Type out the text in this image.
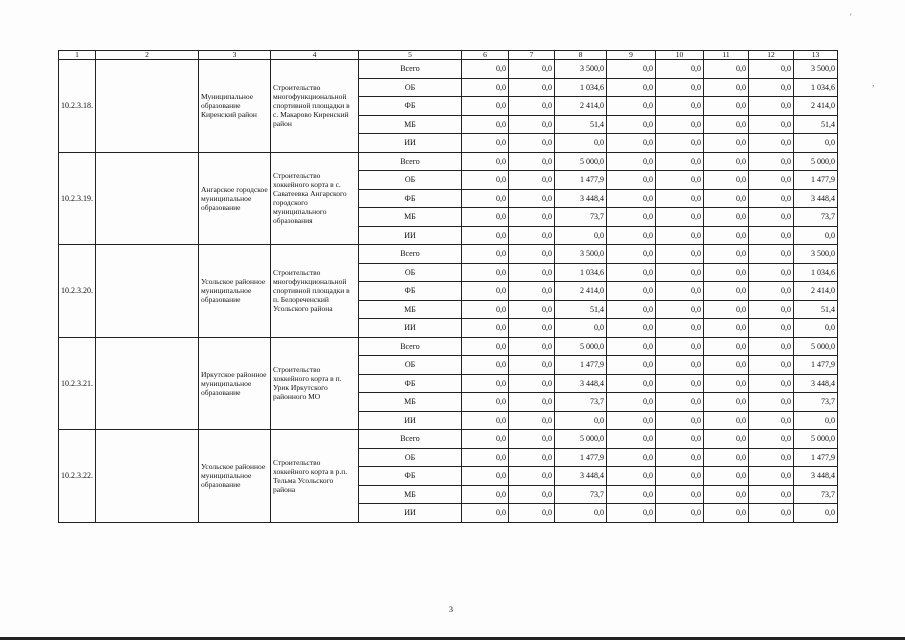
1	2	3	4	5	6	7	8	9	10	11	12	13
10.2.3.18.		Муниципальное образование Киренский район	Строительство многофункциональной спортивной площадки в с. Макарово Киренский район	Всего	0,0	0,0	3 500,0	0,0	0,0	0,0	0,0	3 500,0
				ОБ	0,0	0,0	1 034,6	0,0	0,0	0,0	0,0	1 034,6
				ФБ	0,0	0,0	2 414,0	0,0	0,0	0,0	0,0	2 414,0
				МБ	0,0	0,0	51,4	0,0	0,0	0,0	0,0	51,4
				ИИ	0,0	0,0	0,0	0,0	0,0	0,0	0,0	0,0
10.2.3.19.		Ангарское городское муниципальное образование	Строительство хоккейного корта в с. Саватеевка Ангарского городского муниципального образования	Всего	0,0	0,0	5 000,0	0,0	0,0	0,0	0,0	5 000,0
				ОБ	0,0	0,0	1 477,9	0,0	0,0	0,0	0,0	1 477,9
				ФБ	0,0	0,0	3 448,4	0,0	0,0	0,0	0,0	3 448,4
				МБ	0,0	0,0	73,7	0,0	0,0	0,0	0,0	73,7
				ИИ	0,0	0,0	0,0	0,0	0,0	0,0	0,0	0,0
10.2.3.20.		Усольское районное муниципальное образование	Строительство многофункциональной спортивной площадки в п. Белореченский Усольского района	Всего	0,0	0,0	3 500,0	0,0	0,0	0,0	0,0	3 500,0
				ОБ	0,0	0,0	1 034,6	0,0	0,0	0,0	0,0	1 034,6
				ФБ	0,0	0,0	2 414,0	0,0	0,0	0,0	0,0	2 414,0
				МБ	0,0	0,0	51,4	0,0	0,0	0,0	0,0	51,4
				ИИ	0,0	0,0	0,0	0,0	0,0	0,0	0,0	0,0
10.2.3.21.		Иркутское районное муниципальное образование	Строительство хоккейного корта в п. Урик Иркутского районного МО	Всего	0,0	0,0	5 000,0	0,0	0,0	0,0	0,0	5 000,0
				ОБ	0,0	0,0	1 477,9	0,0	0,0	0,0	0,0	1 477,9
				ФБ	0,0	0,0	3 448,4	0,0	0,0	0,0	0,0	3 448,4
				МБ	0,0	0,0	73,7	0,0	0,0	0,0	0,0	73,7
				ИИ	0,0	0,0	0,0	0,0	0,0	0,0	0,0	0,0
10.2.3.22.		Усольское районное муниципальное образование	Строительство хоккейного корта в р.п. Тельма Усольского района	Всего	0,0	0,0	5 000,0	0,0	0,0	0,0	0,0	5 000,0
				ОБ	0,0	0,0	1 477,9	0,0	0,0	0,0	0,0	1 477,9
				ФБ	0,0	0,0	3 448,4	0,0	0,0	0,0	0,0	3 448,4
				МБ	0,0	0,0	73,7	0,0	0,0	0,0	0,0	73,7
				ИИ	0,0	0,0	0,0	0,0	0,0	0,0	0,0	0,0
3
'
,
